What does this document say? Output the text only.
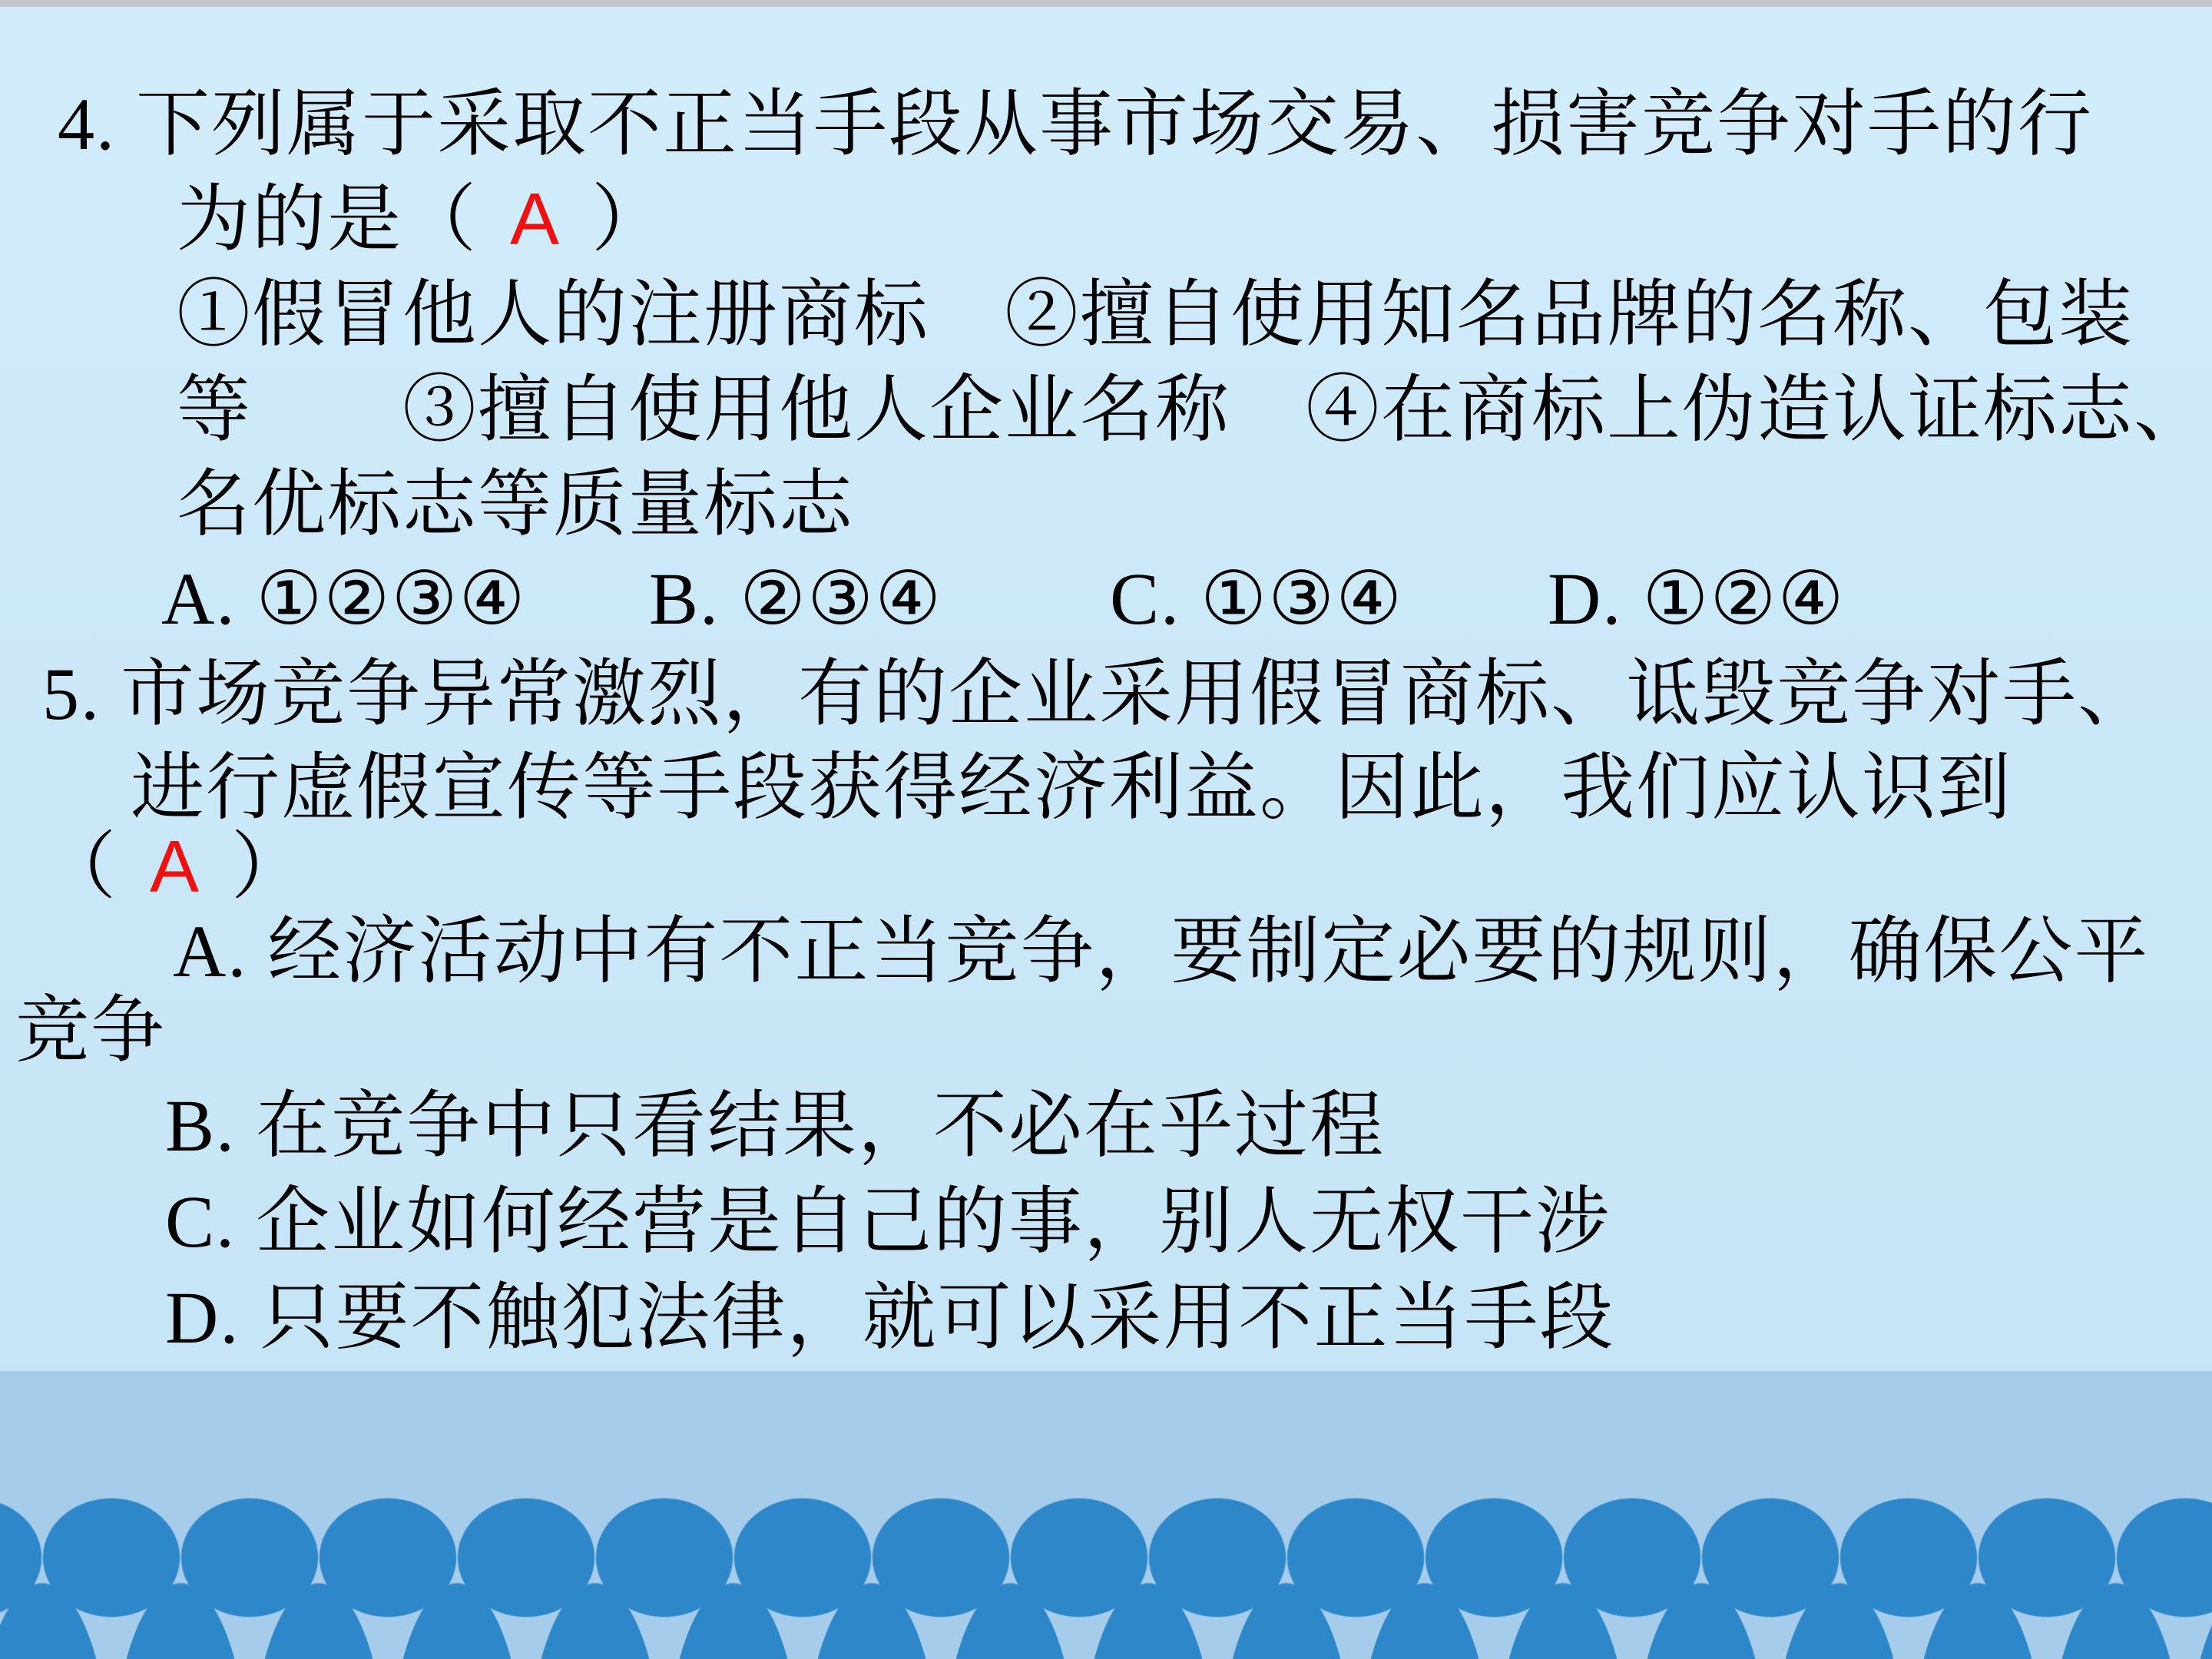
4. 下列属于采取不正当手段从事市场交易、损害竞争对手的行
为的是（ A ）
①假冒他人的注册商标　②擅自使用知名品牌的名称、包装
等　　③擅自使用他人企业名称　④在商标上伪造认证标志、
名优标志等质量标志
A. ①②③④ B. ②③④ C. ①③④ D. ①②④
5. 市场竞争异常激烈，有的企业采用假冒商标、诋毁竞争对手、
进行虚假宣传等手段获得经济利益。因此，我们应认识到
（ A ）
A. 经济活动中有不正当竞争，要制定必要的规则，确保公平
竞争
B. 在竞争中只看结果，不必在乎过程
C. 企业如何经营是自己的事，别人无权干涉
D. 只要不触犯法律，就可以采用不正当手段
